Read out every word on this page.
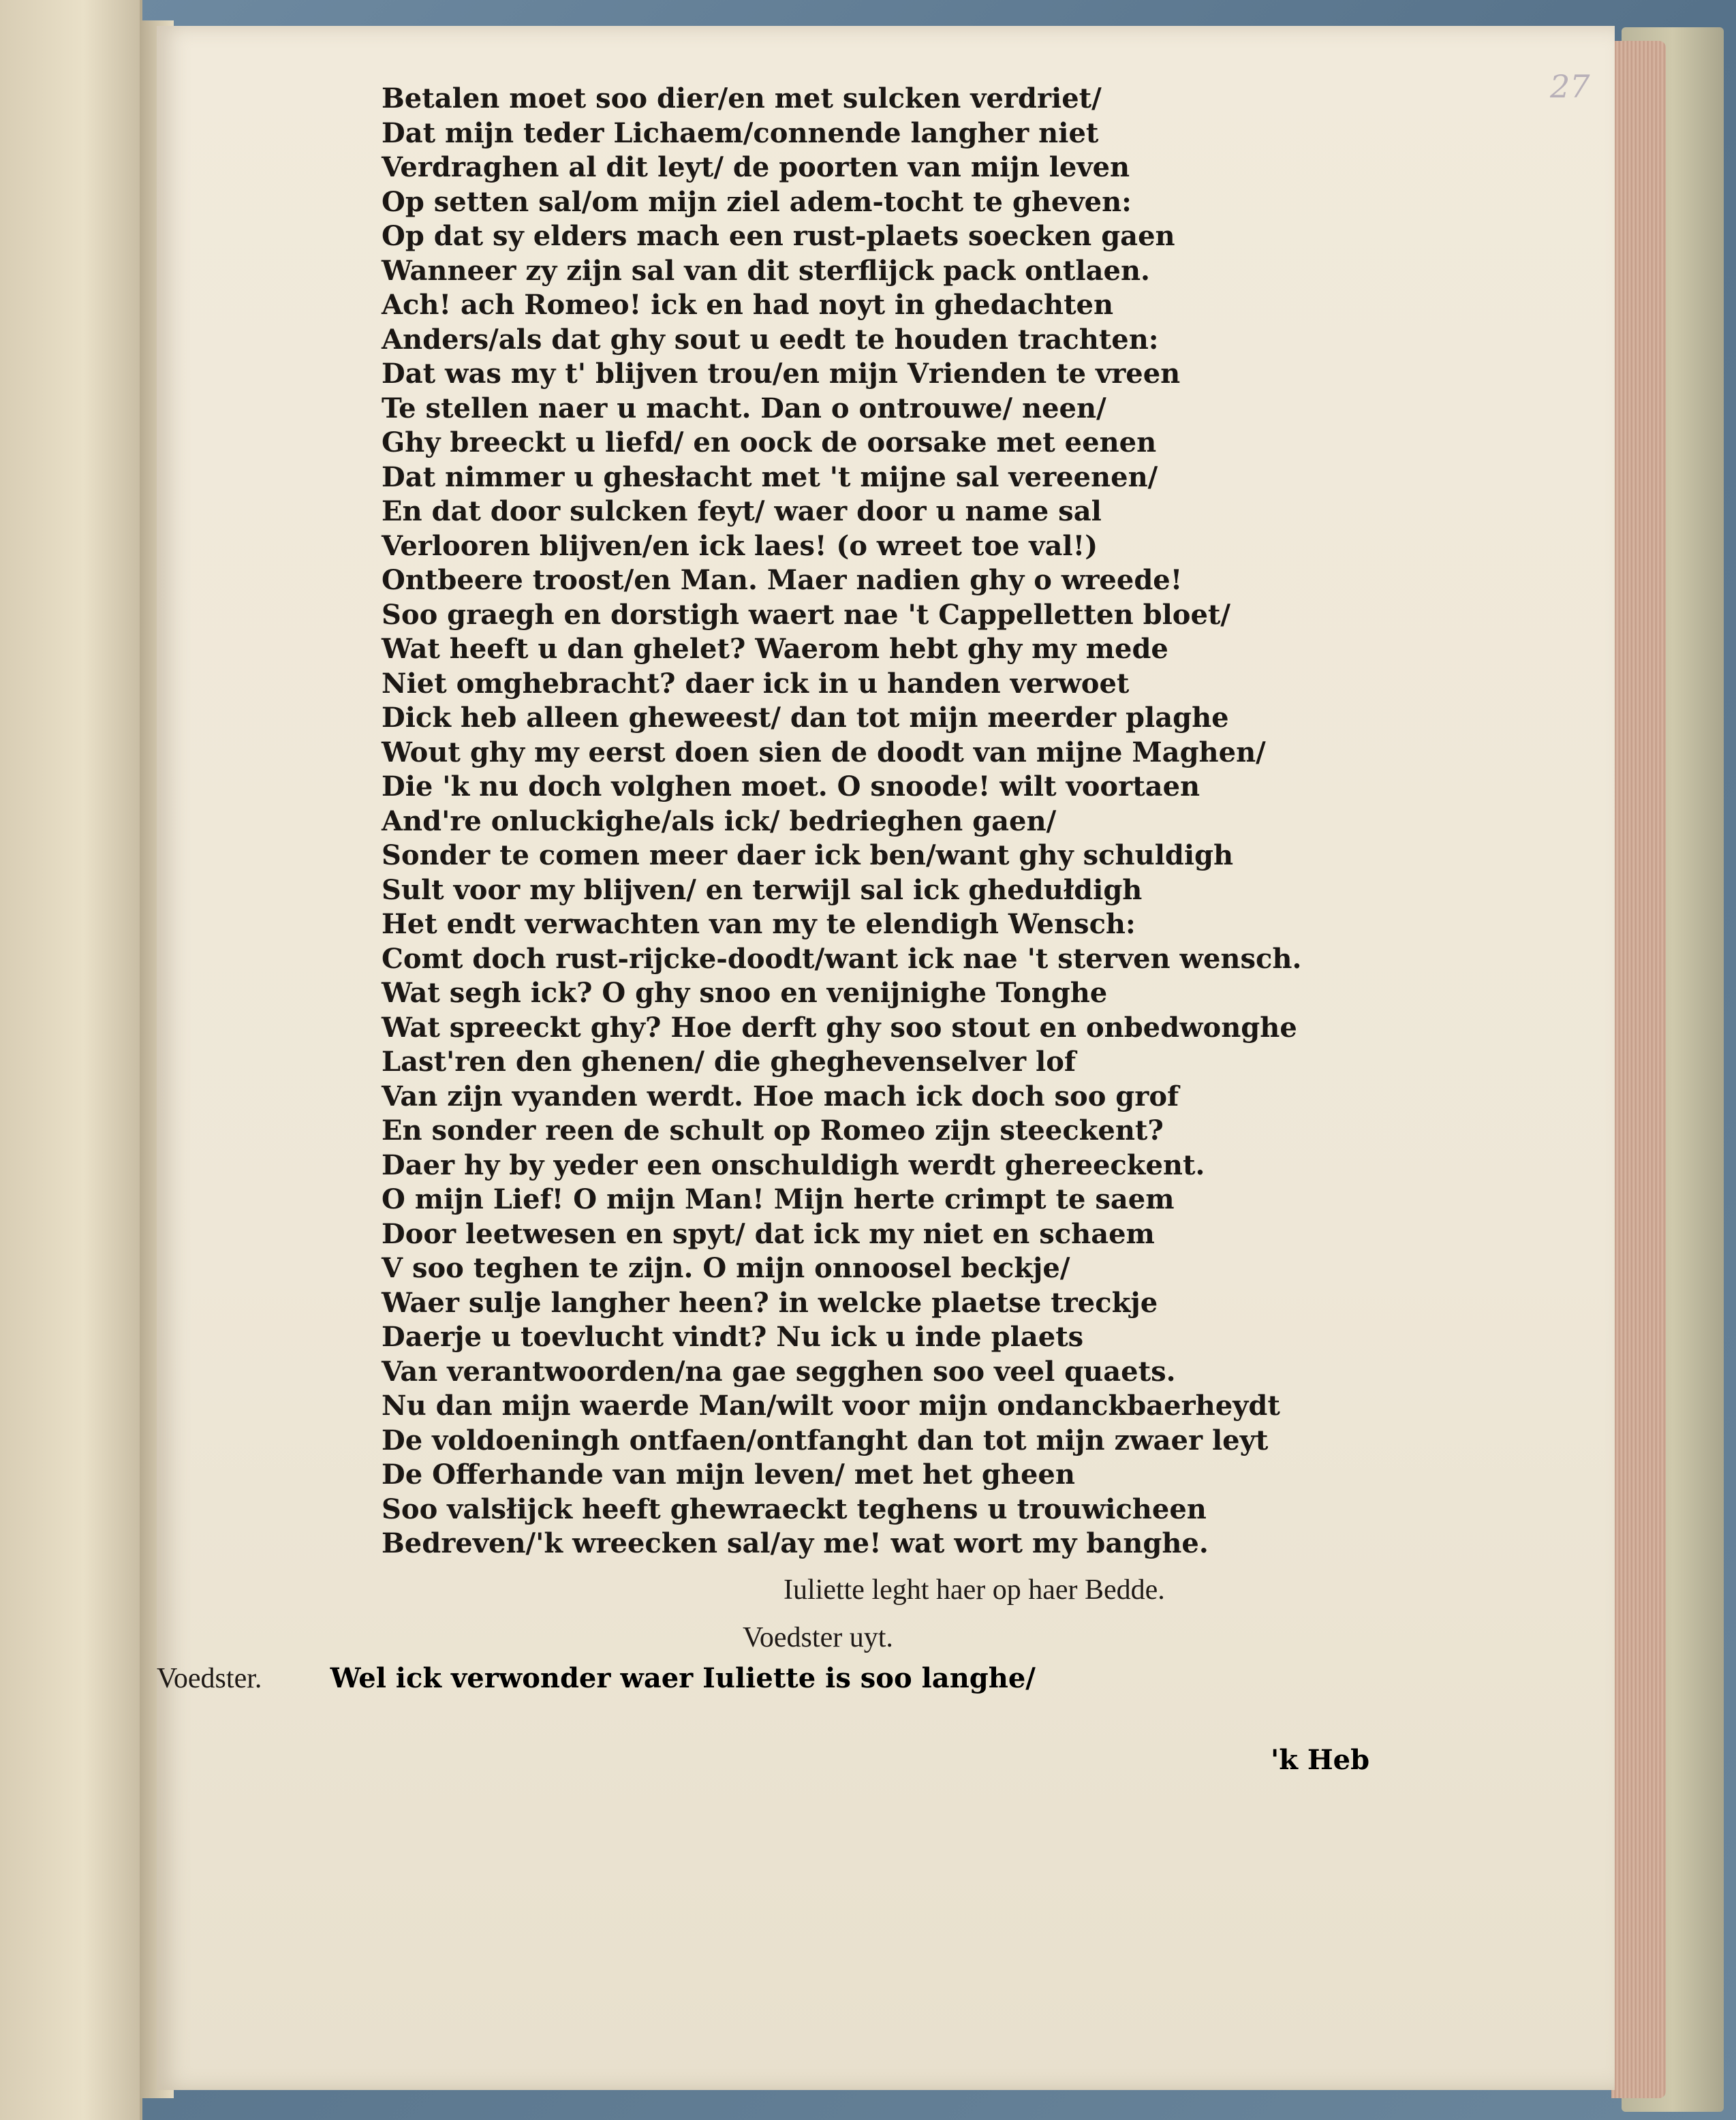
27
Betalen moet soo dier/en met sulcken verdriet/
Dat mijn teder Lichaem/connende langher niet
Verdraghen al dit leyt/ de poorten van mijn leven
Op setten sal/om mijn ziel adem-tocht te gheven:
Op dat sy elders mach een rust-plaets soecken gaen
Wanneer zy zijn sal van dit sterflijck pack ontlaen.
Ach! ach Romeo! ick en had noyt in ghedachten
Anders/als dat ghy sout u eedt te houden trachten:
Dat was my t' blijven trou/en mijn Vrienden te vreen
Te stellen naer u macht. Dan o ontrouwe/ neen/
Ghy breeckt u liefd/ en oock de oorsake met eenen
Dat nimmer u ghesłacht met 't mijne sal vereenen/
En dat door sulcken feyt/ waer door u name sal
Verlooren blijven/en ick laes! (o wreet toe val!)
Ontbeere troost/en Man. Maer nadien ghy o wreede!
Soo graegh en dorstigh waert nae 't Cappelletten bloet/
Wat heeft u dan ghelet? Waerom hebt ghy my mede
Niet omghebracht? daer ick in u handen verwoet
Dick heb alleen gheweest/ dan tot mijn meerder plaghe
Wout ghy my eerst doen sien de doodt van mijne Maghen/
Die 'k nu doch volghen moet. O snoode! wilt voortaen
And're onluckighe/als ick/ bedrieghen gaen/
Sonder te comen meer daer ick ben/want ghy schuldigh
Sult voor my blijven/ en terwijl sal ick ghedułdigh
Het endt verwachten van my te elendigh Wensch:
Comt doch rust-rijcke-doodt/want ick nae 't sterven wensch.
Wat segh ick? O ghy snoo en venijnighe Tonghe
Wat spreeckt ghy? Hoe derft ghy soo stout en onbedwonghe
Last'ren den ghenen/ die gheghevenselver lof
Van zijn vyanden werdt. Hoe mach ick doch soo grof
En sonder reen de schult op Romeo zijn steeckent?
Daer hy by yeder een onschuldigh werdt ghereeckent.
O mijn Lief! O mijn Man! Mijn herte crimpt te saem
Door leetwesen en spyt/ dat ick my niet en schaem
V soo teghen te zijn. O mijn onnoosel beckje/
Waer sulje langher heen? in welcke plaetse treckje
Daerje u toevlucht vindt? Nu ick u inde plaets
Van verantwoorden/na gae segghen soo veel quaets.
Nu dan mijn waerde Man/wilt voor mijn ondanckbaerheydt
De voldoeningh ontfaen/ontfanght dan tot mijn zwaer leyt
De Offerhande van mijn leven/ met het gheen
Soo valsłijck heeft ghewraeckt teghens u trouwicheen
Bedreven/'k wreecken sal/ay me! wat wort my banghe.
Iuliette leght haer op haer Bedde.
Voedster uyt.
Voedster.	Wel ick verwonder waer Iuliette is soo langhe/
'k Heb
